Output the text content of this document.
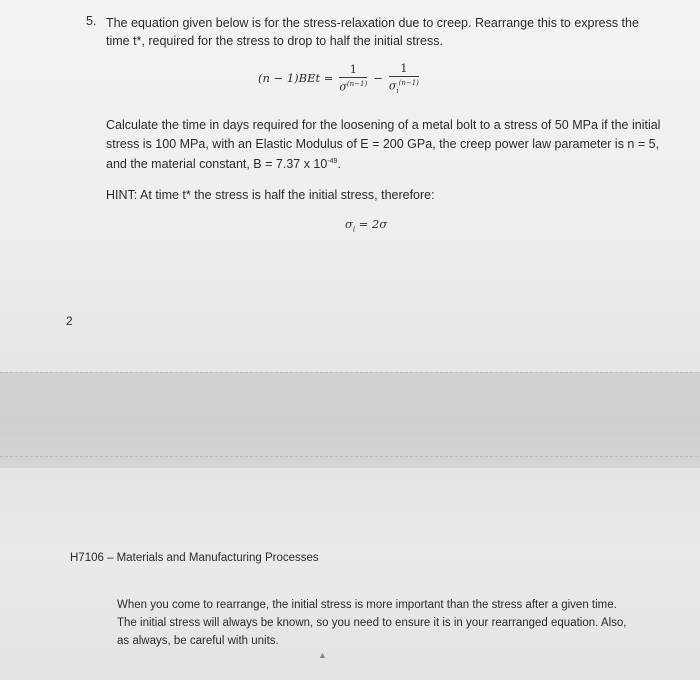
5. The equation given below is for the stress-relaxation due to creep. Rearrange this to express the time t*, required for the stress to drop to half the initial stress.

$(n - 1)BEt = \frac{1}{\sigma^{(n-1)}} - \frac{1}{\sigma_i^{(n-1)}}$

Calculate the time in days required for the loosening of a metal bolt to a stress of 50 MPa if the initial stress is 100 MPa, with an Elastic Modulus of E = 200 GPa, the creep power law parameter is n = 5, and the material constant, B = 7.37 x $10^{-49}$.

HINT: At time t* the stress is half the initial stress, therefore:

$\sigma_i = 2\sigma$
2
H7106 – Materials and Manufacturing Processes

When you come to rearrange, the initial stress is more important than the stress after a given time. The initial stress will always be known, so you need to ensure it is in your rearranged equation. Also, as always, be careful with units.

▲
